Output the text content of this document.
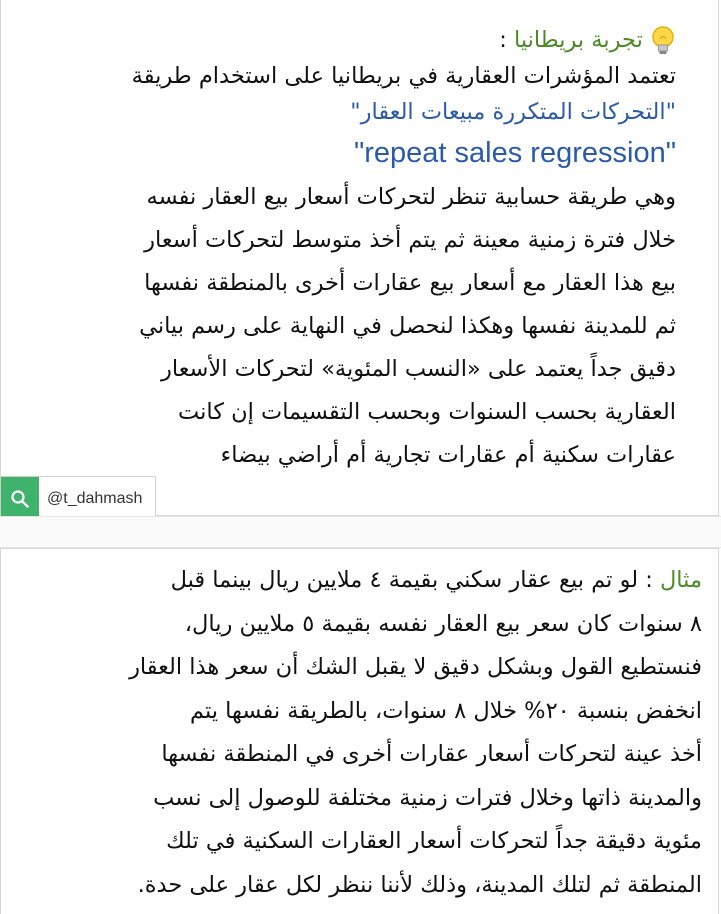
تجربة بريطانيا :
تعتمد المؤشرات العقارية في بريطانيا على استخدام طريقة
"التحركات المتكررة مبيعات العقار"
"repeat sales regression"
وهي طريقة حسابية تنظر لتحركات أسعار بيع العقار نفسه
خلال فترة زمنية معينة ثم يتم أخذ متوسط لتحركات أسعار
بيع هذا العقار مع أسعار بيع عقارات أخرى بالمنطقة نفسها
ثم للمدينة نفسها وهكذا لنحصل في النهاية على رسم بياني
دقيق جداً يعتمد على «النسب المئوية» لتحركات الأسعار
العقارية بحسب السنوات وبحسب التقسيمات إن كانت
عقارات سكنية أم عقارات تجارية أم أراضي بيضاء
@t_dahmash
مثال : لو تم بيع عقار سكني بقيمة ٤ ملايين ريال بينما قبل
٨ سنوات كان سعر بيع العقار نفسه بقيمة ٥ ملايين ريال،
فنستطيع القول وبشكل دقيق لا يقبل الشك أن سعر هذا العقار
انخفض بنسبة ٢٠% خلال ٨ سنوات، بالطريقة نفسها يتم
أخذ عينة لتحركات أسعار عقارات أخرى في المنطقة نفسها
والمدينة ذاتها وخلال فترات زمنية مختلفة للوصول إلى نسب
مئوية دقيقة جداً لتحركات أسعار العقارات السكنية في تلك
المنطقة ثم لتلك المدينة، وذلك لأننا ننظر لكل عقار على حدة.
